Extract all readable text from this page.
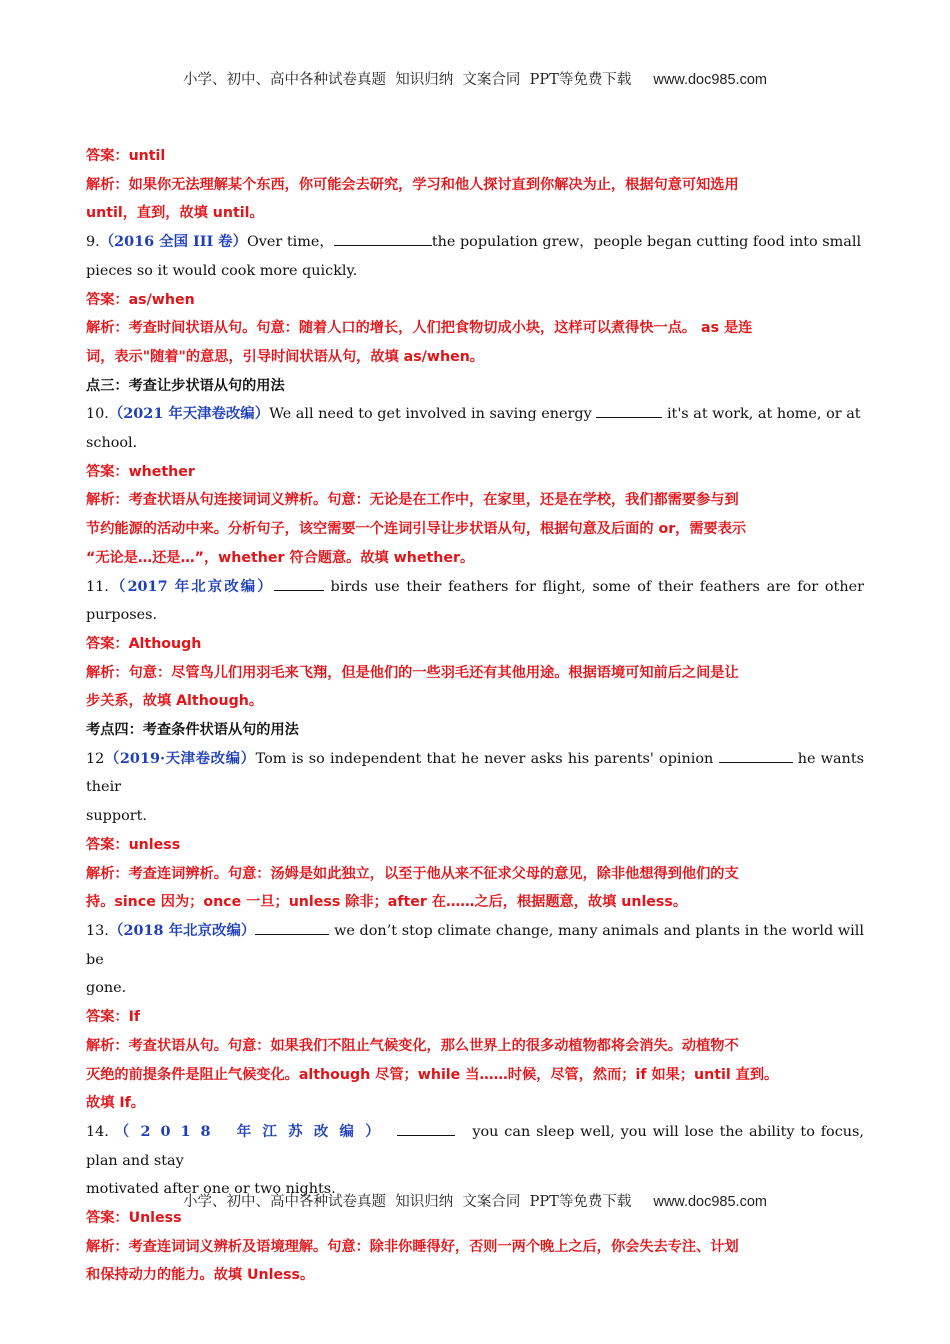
小学、初中、高中各种试卷真题  知识归纳  文案合同  PPT等免费下载 www.doc985.com
答案：until
解析：如果你无法理解某个东西，你可能会去研究，学习和他人探讨直到你解决为止，根据句意可知选用
until，直到，故填 until。
9.（2016 全国 III 卷）Over time，	the population grew，people began cutting food into small
pieces so it would cook more quickly.
答案：as/when
解析：考查时间状语从句。句意：随着人口的增长，人们把食物切成小块，这样可以煮得快一点。 as 是连
词，表示"随着"的意思，引导时间状语从句，故填 as/when。
点三：考查让步状语从句的用法
10.（2021 年天津卷改编）We all need to get involved in saving energy	it's at work, at home, or at
school.
答案：whether
解析：考查状语从句连接词词义辨析。句意：无论是在工作中，在家里，还是在学校，我们都需要参与到
节约能源的活动中来。分析句子，该空需要一个连词引导让步状语从句，根据句意及后面的 or，需要表示
“无论是…还是…”，whether 符合题意。故填 whether。
11.（2017 年北京改编）	birds use their feathers for flight, some of their feathers are for other purposes.
答案：Although
解析：句意：尽管鸟儿们用羽毛来飞翔，但是他们的一些羽毛还有其他用途。根据语境可知前后之间是让
步关系，故填 Although。
考点四：考查条件状语从句的用法
12（2019·天津卷改编）Tom is so independent that he never asks his parents' opinion	he wants their
support.
答案：unless
解析：考查连词辨析。句意：汤姆是如此独立，以至于他从来不征求父母的意见，除非他想得到他们的支
持。since 因为；once 一旦；unless 除非；after 在……之后，根据题意，故填 unless。
13.（2018 年北京改编）	we don’t stop climate change, many animals and plants in the world will be
gone.
答案：If
解析：考查状语从句。句意：如果我们不阻止气候变化，那么世界上的很多动植物都将会消失。动植物不
灭绝的前提条件是阻止气候变化。although 尽管；while 当……时候，尽管，然而；if 如果；until 直到。
故填 If。
14. （2018 年江苏改编）	you can sleep well, you will lose the ability to focus, plan and stay
motivated after one or two nights.
答案：Unless
解析：考查连词词义辨析及语境理解。句意：除非你睡得好，否则一两个晚上之后，你会失去专注、计划
和保持动力的能力。故填 Unless。
小学、初中、高中各种试卷真题  知识归纳  文案合同  PPT等免费下载 www.doc985.com
